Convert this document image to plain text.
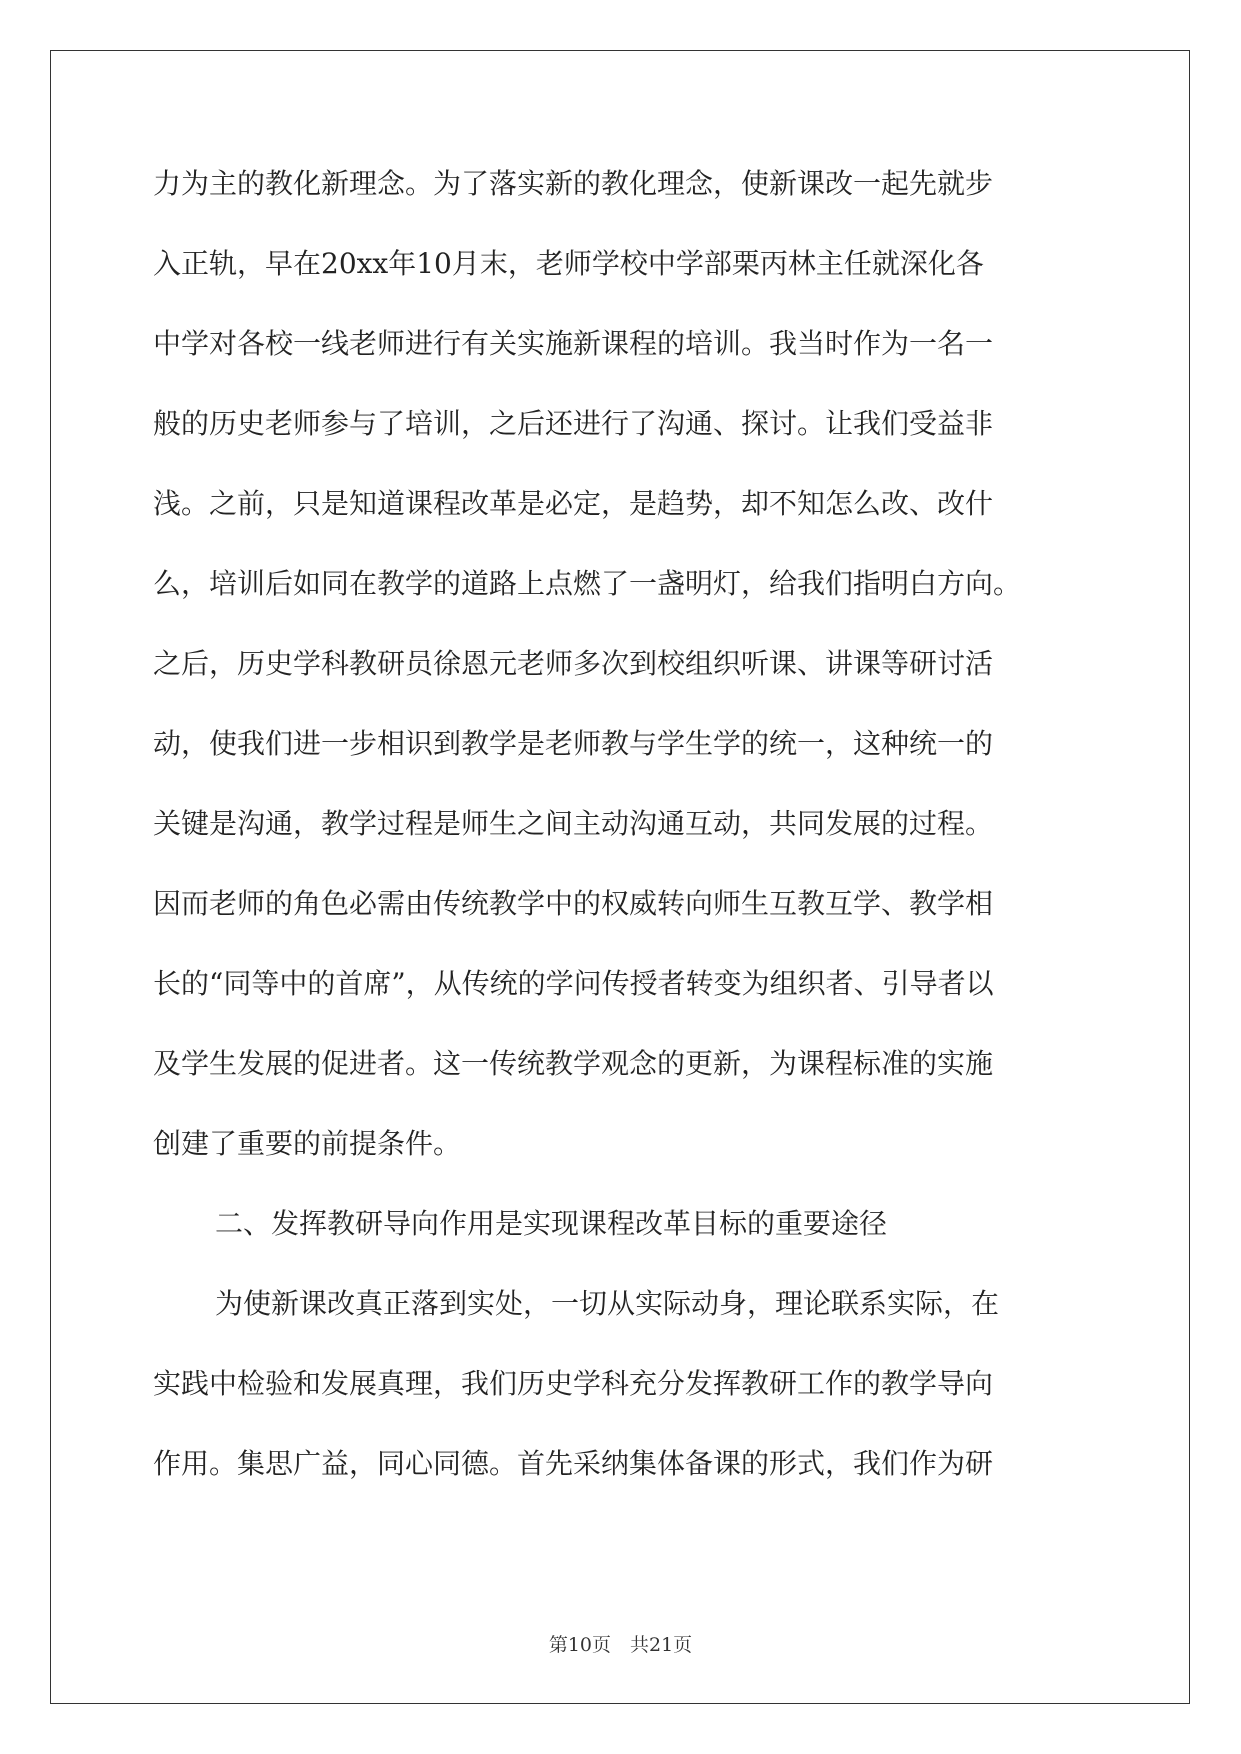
力为主的教化新理念。为了落实新的教化理念，使新课改一起先就步
入正轨，早在20xx年10月末，老师学校中学部栗丙林主任就深化各
中学对各校一线老师进行有关实施新课程的培训。我当时作为一名一
般的历史老师参与了培训，之后还进行了沟通、探讨。让我们受益非
浅。之前，只是知道课程改革是必定，是趋势，却不知怎么改、改什
么，培训后如同在教学的道路上点燃了一盏明灯，给我们指明白方向。
之后，历史学科教研员徐恩元老师多次到校组织听课、讲课等研讨活
动，使我们进一步相识到教学是老师教与学生学的统一，这种统一的
关键是沟通，教学过程是师生之间主动沟通互动，共同发展的过程。
因而老师的角色必需由传统教学中的权威转向师生互教互学、教学相
长的“同等中的首席”，从传统的学问传授者转变为组织者、引导者以
及学生发展的促进者。这一传统教学观念的更新，为课程标准的实施
创建了重要的前提条件。
二、发挥教研导向作用是实现课程改革目标的重要途径
为使新课改真正落到实处，一切从实际动身，理论联系实际，在
实践中检验和发展真理，我们历史学科充分发挥教研工作的教学导向
作用。集思广益，同心同德。首先采纳集体备课的形式，我们作为研
第10页　共21页
